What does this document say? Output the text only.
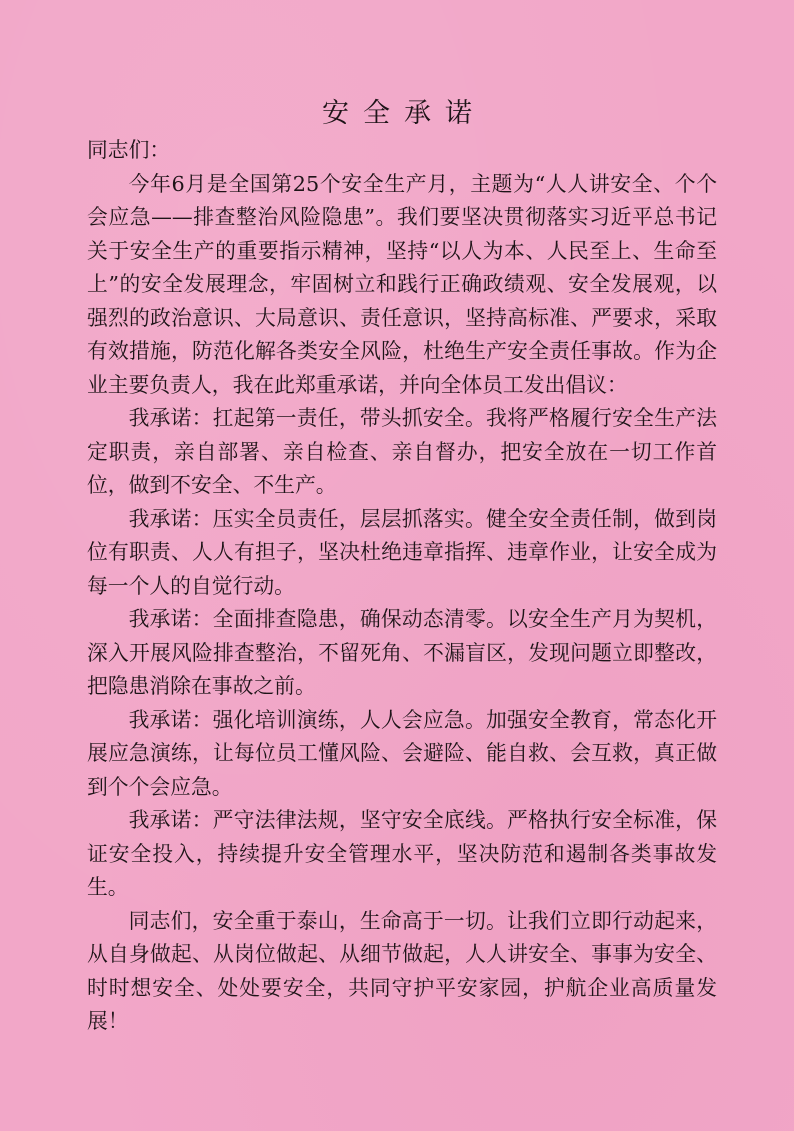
安全承诺

同志们：

今年6月是全国第25个安全生产月，主题为“人人讲安全、个个会应急——排查整治风险隐患”。我们要坚决贯彻落实习近平总书记关于安全生产的重要指示精神，坚持“以人为本、人民至上、生命至上”的安全发展理念，牢固树立和践行正确政绩观、安全发展观，以强烈的政治意识、大局意识、责任意识，坚持高标准、严要求，采取有效措施，防范化解各类安全风险，杜绝生产安全责任事故。作为企业主要负责人，我在此郑重承诺，并向全体员工发出倡议：

我承诺：扛起第一责任，带头抓安全。我将严格履行安全生产法定职责，亲自部署、亲自检查、亲自督办，把安全放在一切工作首位，做到不安全、不生产。

我承诺：压实全员责任，层层抓落实。健全安全责任制，做到岗位有职责、人人有担子，坚决杜绝违章指挥、违章作业，让安全成为每一个人的自觉行动。

我承诺：全面排查隐患，确保动态清零。以安全生产月为契机，深入开展风险排查整治，不留死角、不漏盲区，发现问题立即整改，把隐患消除在事故之前。

我承诺：强化培训演练，人人会应急。加强安全教育，常态化开展应急演练，让每位员工懂风险、会避险、能自救、会互救，真正做到个个会应急。

我承诺：严守法律法规，坚守安全底线。严格执行安全标准，保证安全投入，持续提升安全管理水平，坚决防范和遏制各类事故发生。

同志们，安全重于泰山，生命高于一切。让我们立即行动起来，从自身做起、从岗位做起、从细节做起，人人讲安全、事事为安全、时时想安全、处处要安全，共同守护平安家园，护航企业高质量发展！
